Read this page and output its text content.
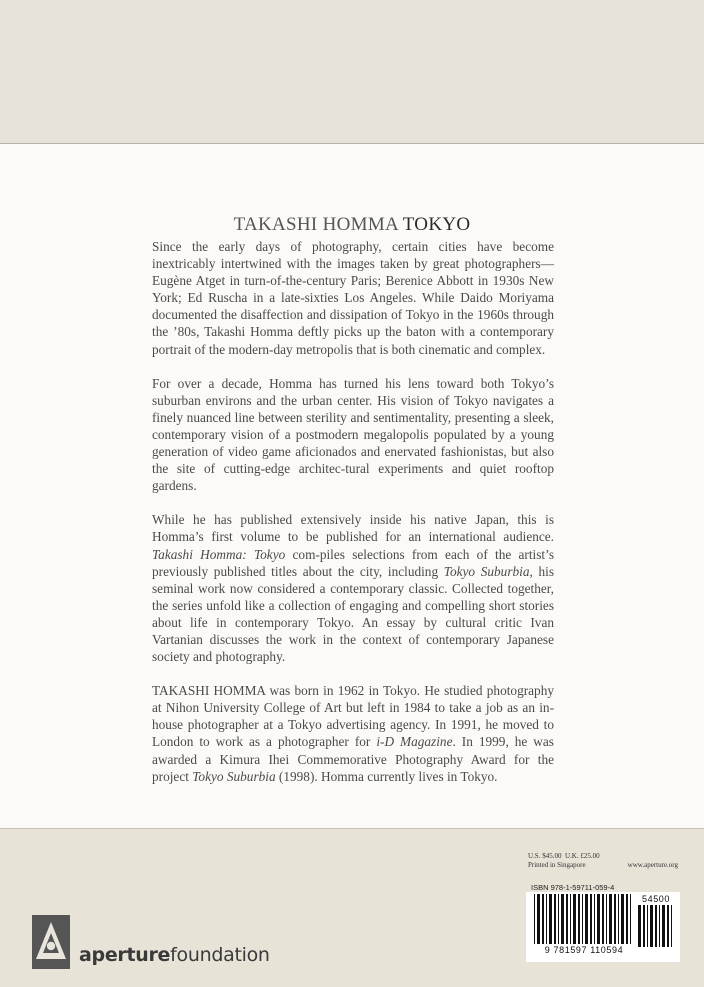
TAKASHI HOMMA TOKYO

Since the early days of photography, certain cities have become inextricably intertwined with the images taken by great photographers—Eugène Atget in turn-of-the-century Paris; Berenice Abbott in 1930s New York; Ed Ruscha in a late-sixties Los Angeles. While Daido Moriyama documented the disaffection and dissipation of Tokyo in the 1960s through the ’80s, Takashi Homma deftly picks up the baton with a contemporary portrait of the modern-day metropolis that is both cinematic and complex.

For over a decade, Homma has turned his lens toward both Tokyo’s suburban environs and the urban center. His vision of Tokyo navigates a finely nuanced line between sterility and sentimentality, presenting a sleek, contemporary vision of a postmodern megalopolis populated by a young generation of video game aficionados and enervated fashionistas, but also the site of cutting-edge architec-tural experiments and quiet rooftop gardens.

While he has published extensively inside his native Japan, this is Homma’s first volume to be published for an international audience. Takashi Homma: Tokyo com-piles selections from each of the artist’s previously published titles about the city, including Tokyo Suburbia, his seminal work now considered a contemporary classic. Collected together, the series unfold like a collection of engaging and compelling short stories about life in contemporary Tokyo. An essay by cultural critic Ivan Vartanian discusses the work in the context of contemporary Japanese society and photography.

TAKASHI HOMMA was born in 1962 in Tokyo. He studied photography at Nihon University College of Art but left in 1984 to take a job as an in-house photographer at a Tokyo advertising agency. In 1991, he moved to London to work as a photographer for i-D Magazine. In 1999, he was awarded a Kimura Ihei Commemorative Photography Award for the project Tokyo Suburbia (1998). Homma currently lives in Tokyo.

U.S. $45.00 U.K. £25.00
Printed in Singapore	www.aperture.org
ISBN 978-1-59711-059-4
9 781597 110594
54500
aperturefoundation
